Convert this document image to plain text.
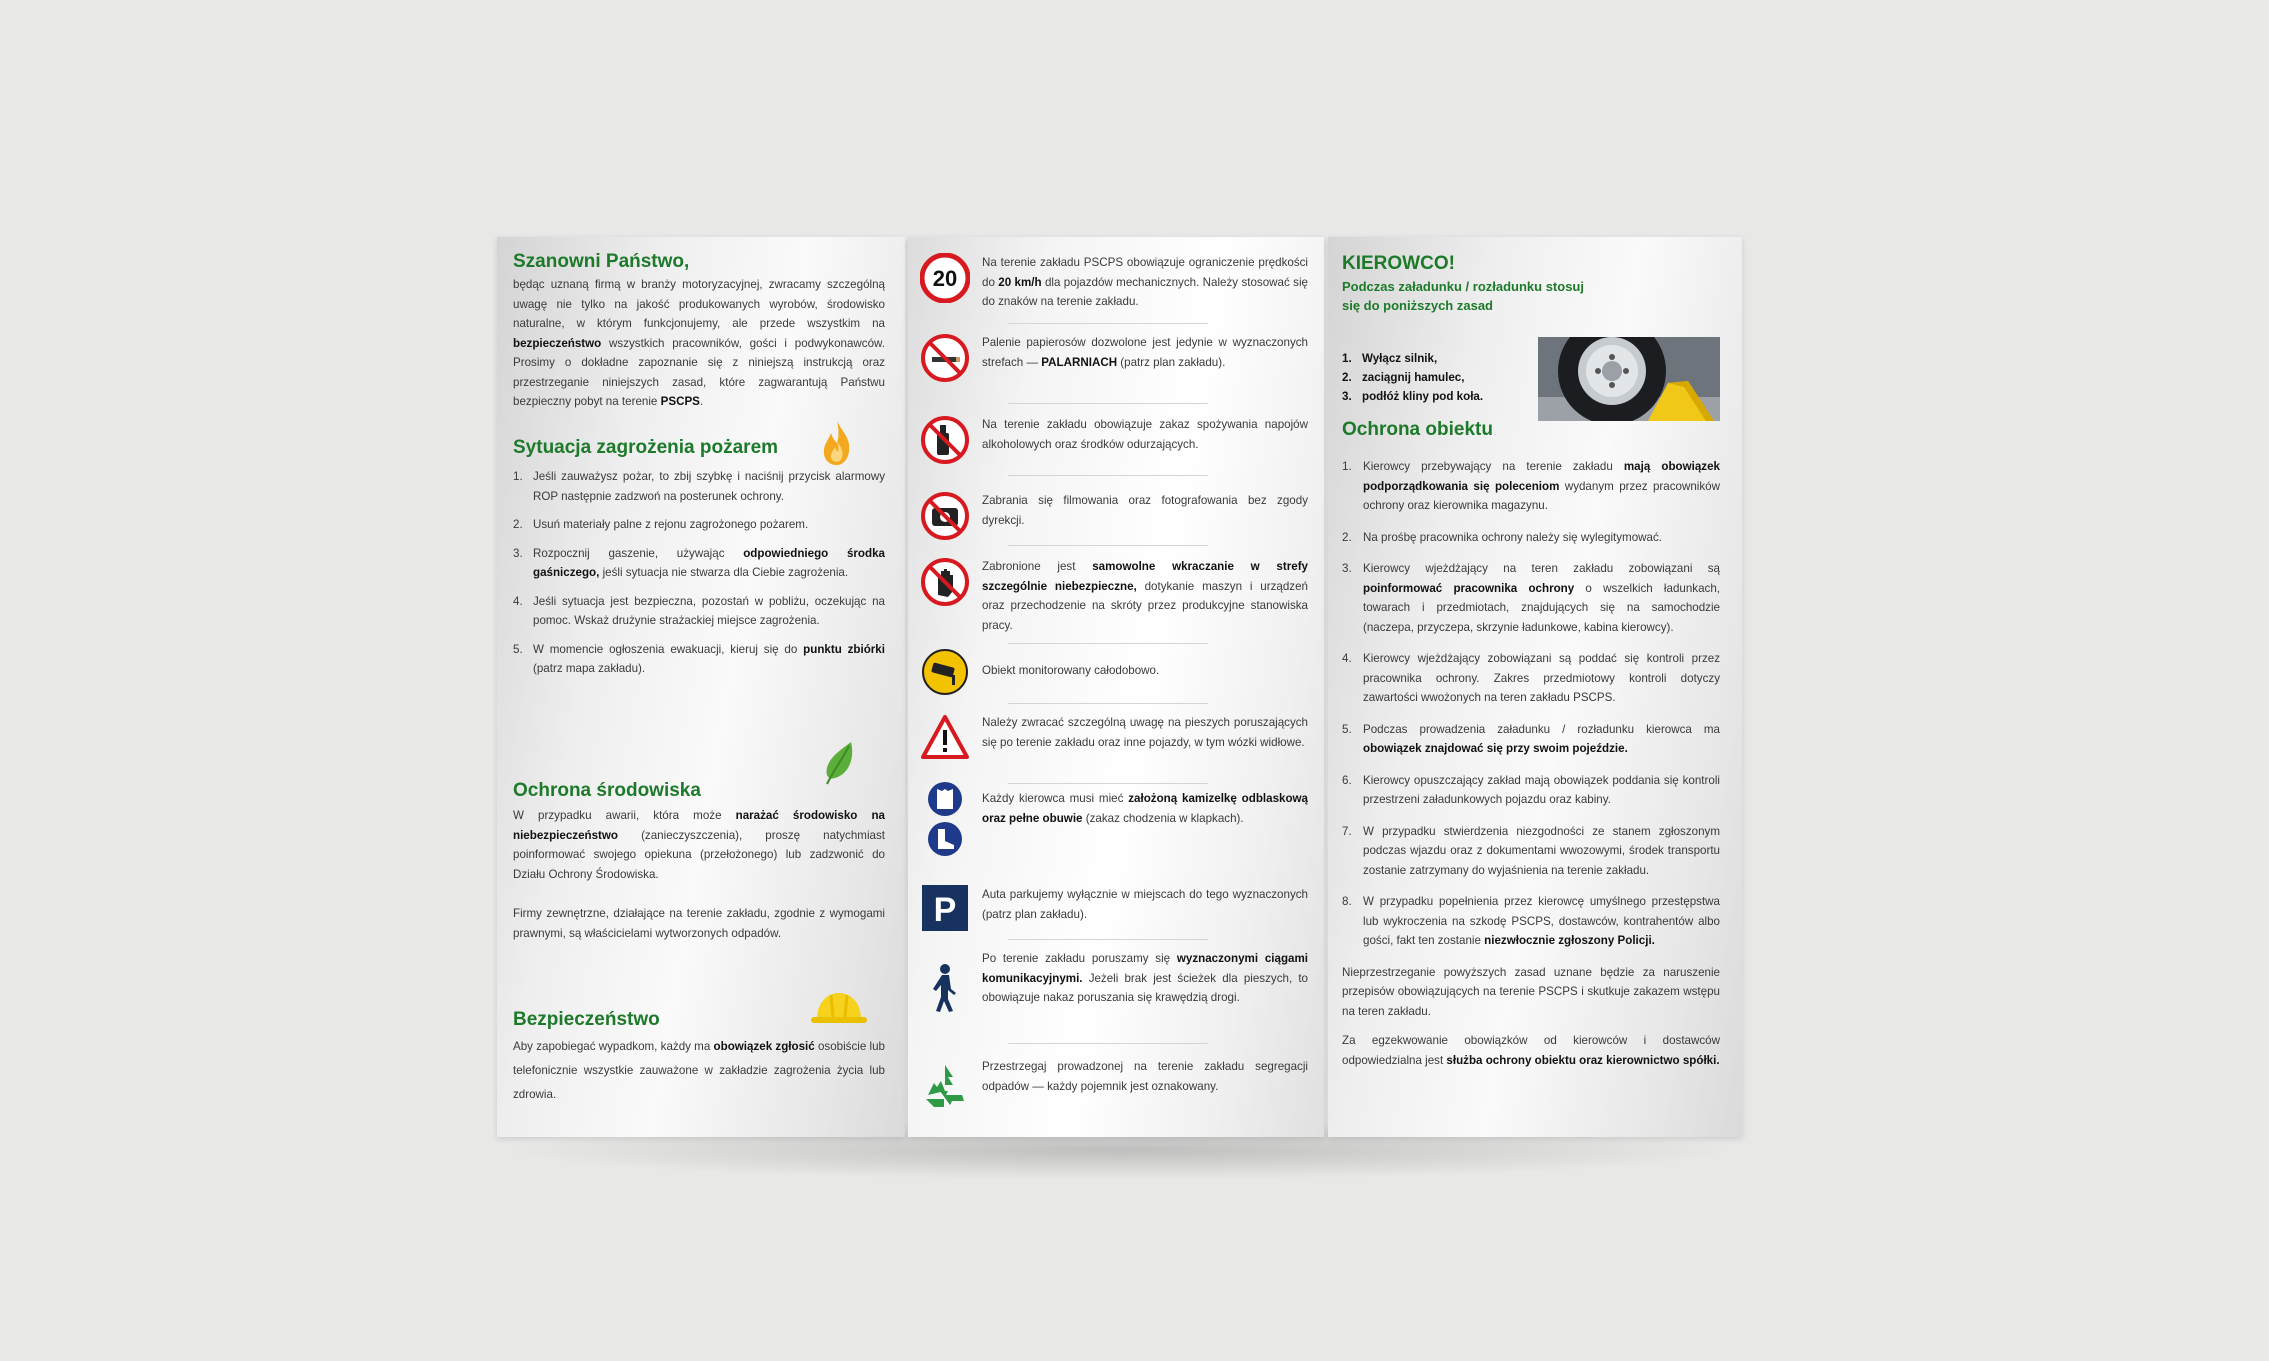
Szanowni Państwo,
będąc uznaną firmą w branży motoryzacyjnej, zwracamy szczególną uwagę nie tylko na jakość produkowanych wyrobów, środowisko naturalne, w którym funkcjonujemy, ale przede wszystkim na bezpieczeństwo wszystkich pracowników, gości i podwykonawców. Prosimy o dokładne zapoznanie się z niniejszą instrukcją oraz przestrzeganie niniejszych zasad, które zagwarantują Państwu bezpieczny pobyt na terenie PSCPS.
Sytuacja zagrożenia pożarem
1. Jeśli zauważysz pożar, to zbij szybkę i naciśnij przycisk alarmowy ROP następnie zadzwoń na posterunek ochrony.
2. Usuń materiały palne z rejonu zagrożonego pożarem.
3. Rozpocznij gaszenie, używając odpowiedniego środka gaśniczego, jeśli sytuacja nie stwarza dla Ciebie zagrożenia.
4. Jeśli sytuacja jest bezpieczna, pozostań w pobliżu, oczekując na pomoc. Wskaż drużynie strażackiej miejsce zagrożenia.
5. W momencie ogłoszenia ewakuacji, kieruj się do punktu zbiórki (patrz mapa zakładu).
Ochrona środowiska
W przypadku awarii, która może narażać środowisko na niebezpieczeństwo (zanieczyszczenia), proszę natychmiast poinformować swojego opiekuna (przełożonego) lub zadzwonić do Działu Ochrony Środowiska.
Firmy zewnętrzne, działające na terenie zakładu, zgodnie z wymogami prawnymi, są właścicielami wytworzonych odpadów.
Bezpieczeństwo
Aby zapobiegać wypadkom, każdy ma obowiązek zgłosić osobiście lub telefonicznie wszystkie zauważone w zakładzie zagrożenia życia lub zdrowia.
20
Na terenie zakładu PSCPS obowiązuje ograniczenie prędkości do 20 km/h dla pojazdów mechanicznych. Należy stosować się do znaków na terenie zakładu.
Palenie papierosów dozwolone jest jedynie w wyznaczonych strefach — PALARNIACH (patrz plan zakładu).
Na terenie zakładu obowiązuje zakaz spożywania napojów alkoholowych oraz środków odurzających.
Zabrania się filmowania oraz fotografowania bez zgody dyrekcji.
Zabronione jest samowolne wkraczanie w strefy szczególnie niebezpieczne, dotykanie maszyn i urządzeń oraz przechodzenie na skróty przez produkcyjne stanowiska pracy.
Obiekt monitorowany całodobowo.
Należy zwracać szczególną uwagę na pieszych poruszających się po terenie zakładu oraz inne pojazdy, w tym wózki widłowe.
Każdy kierowca musi mieć założoną kamizelkę odblaskową oraz pełne obuwie (zakaz chodzenia w klapkach).
P Auta parkujemy wyłącznie w miejscach do tego wyznaczonych (patrz plan zakładu).
Po terenie zakładu poruszamy się wyznaczonymi ciągami komunikacyjnymi. Jeżeli brak jest ścieżek dla pieszych, to obowiązuje nakaz poruszania się krawędzią drogi.
Przestrzegaj prowadzonej na terenie zakładu segregacji odpadów — każdy pojemnik jest oznakowany.
KIEROWCO!
Podczas załadunku / rozładunku stosuj
się do poniższych zasad
1. Wyłącz silnik,
2. zaciągnij hamulec,
3. podłóż kliny pod koła.
Ochrona obiektu
1. Kierowcy przebywający na terenie zakładu mają obowiązek podporządkowania się poleceniom wydanym przez pracowników ochrony oraz kierownika magazynu.
2. Na prośbę pracownika ochrony należy się wylegitymować.
3. Kierowcy wjeżdżający na teren zakładu zobowiązani są poinformować pracownika ochrony o wszelkich ładunkach, towarach i przedmiotach, znajdujących się na samochodzie (naczepa, przyczepa, skrzynie ładunkowe, kabina kierowcy).
4. Kierowcy wjeżdżający zobowiązani są poddać się kontroli przez pracownika ochrony. Zakres przedmiotowy kontroli dotyczy zawartości wwożonych na teren zakładu PSCPS.
5. Podczas prowadzenia załadunku / rozładunku kierowca ma obowiązek znajdować się przy swoim pojeździe.
6. Kierowcy opuszczający zakład mają obowiązek poddania się kontroli przestrzeni załadunkowych pojazdu oraz kabiny.
7. W przypadku stwierdzenia niezgodności ze stanem zgłoszonym podczas wjazdu oraz z dokumentami wwozowymi, środek transportu zostanie zatrzymany do wyjaśnienia na terenie zakładu.
8. W przypadku popełnienia przez kierowcę umyślnego przestępstwa lub wykroczenia na szkodę PSCPS, dostawców, kontrahentów albo gości, fakt ten zostanie niezwłocznie zgłoszony Policji.
Nieprzestrzeganie powyższych zasad uznane będzie za naruszenie przepisów obowiązujących na terenie PSCPS i skutkuje zakazem wstępu na teren zakładu.
Za egzekwowanie obowiązków od kierowców i dostawców odpowiedzialna jest służba ochrony obiektu oraz kierownictwo spółki.
